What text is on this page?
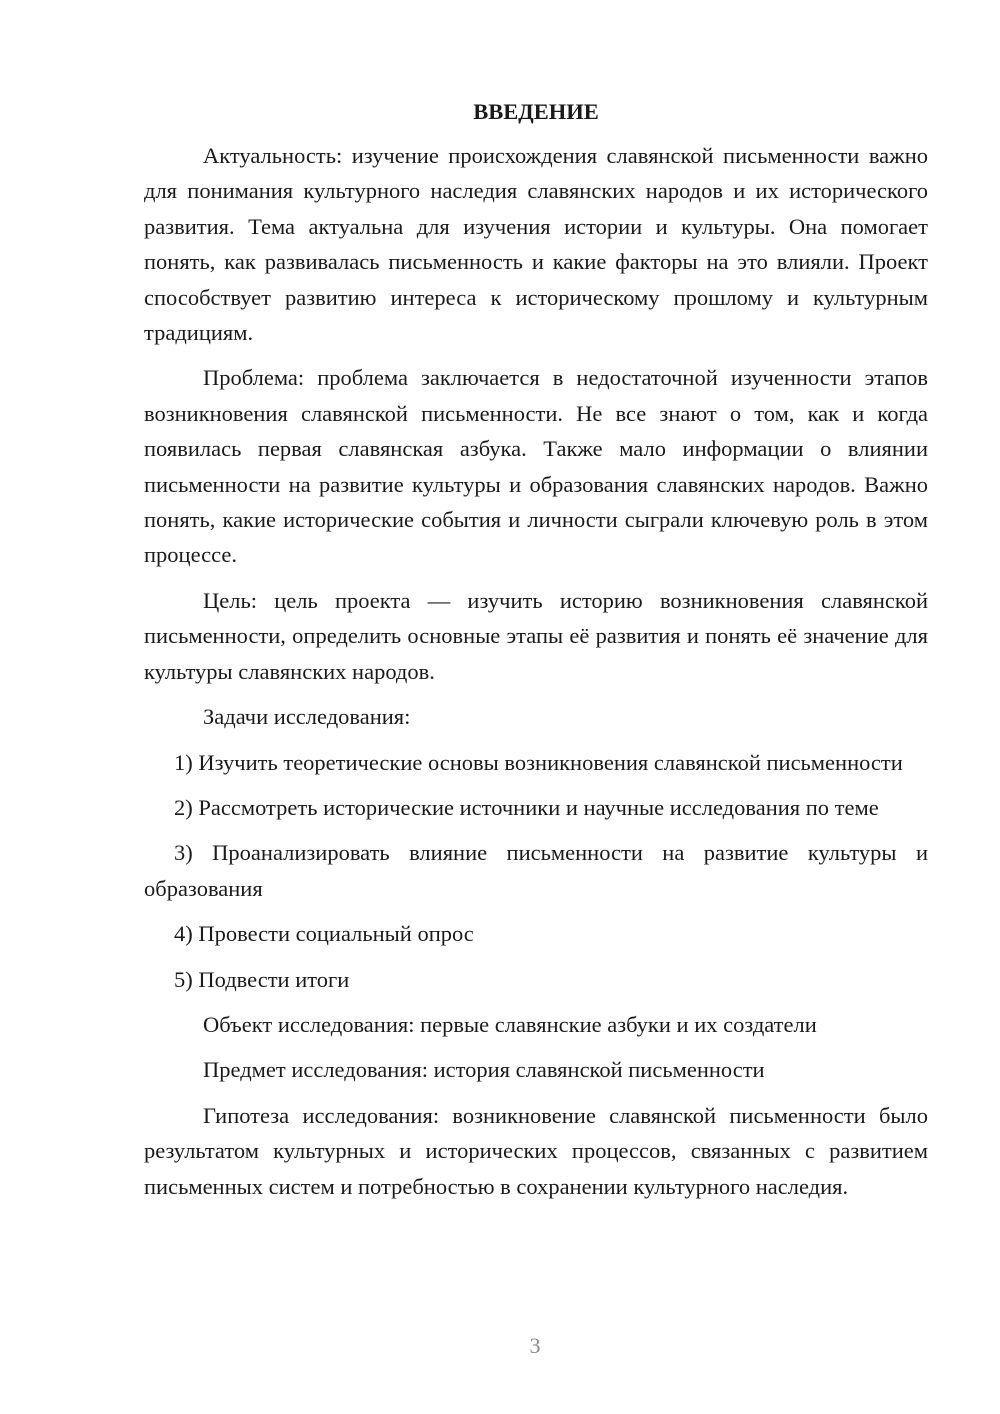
ВВЕДЕНИЕ

Актуальность: изучение происхождения славянской письменности важно для понимания культурного наследия славянских народов и их исторического развития. Тема актуальна для изучения истории и культуры. Она помогает понять, как развивалась письменность и какие факторы на это влияли. Проект способствует развитию интереса к историческому прошлому и культурным традициям.

Проблема: проблема заключается в недостаточной изученности этапов возникновения славянской письменности. Не все знают о том, как и когда появилась первая славянская азбука. Также мало информации о влиянии письменности на развитие культуры и образования славянских народов. Важно понять, какие исторические события и личности сыграли ключевую роль в этом процессе.

Цель: цель проекта — изучить историю возникновения славянской письменности, определить основные этапы её развития и понять её значение для культуры славянских народов.

Задачи исследования:

1) Изучить теоретические основы возникновения славянской письменности

2) Рассмотреть исторические источники и научные исследования по теме

3) Проанализировать влияние письменности на развитие культуры и образования

4) Провести социальный опрос

5) Подвести итоги

Объект исследования: первые славянские азбуки и их создатели

Предмет исследования: история славянской письменности

Гипотеза исследования: возникновение славянской письменности было результатом культурных и исторических процессов, связанных с развитием письменных систем и потребностью в сохранении культурного наследия.

3
